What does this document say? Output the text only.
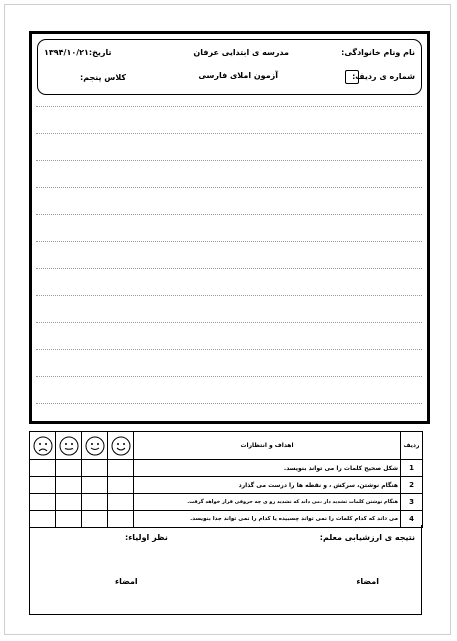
نام ونام خانوادگی:
مدرسه ی ابتدایی عرفان
تاریخ:۱۳۹۴/۱۰/۲۱
شماره ی ردیف:
آزمون املای فارسی
کلاس پنجم:
ردیف	اهداف و انتظارات	

1	شکل صحیح کلمات را می تواند بنویسد.				
2	هنگام نوشتن، سرکش ، و نقطه ها را درست می گذارد				
3	هنگام نوشتن کلمات تشدید دار ،می داند که تشدید رو ی چه حروفی قرار خواهد گرفت.				
4	می داند که کدام کلمات را نمی تواند چسبیده یا کدام را نمی تواند جدا بنویسد.				
نتیجه ی ارزشیابی معلم:
نظر اولیاء:
امضاء
امضاء
